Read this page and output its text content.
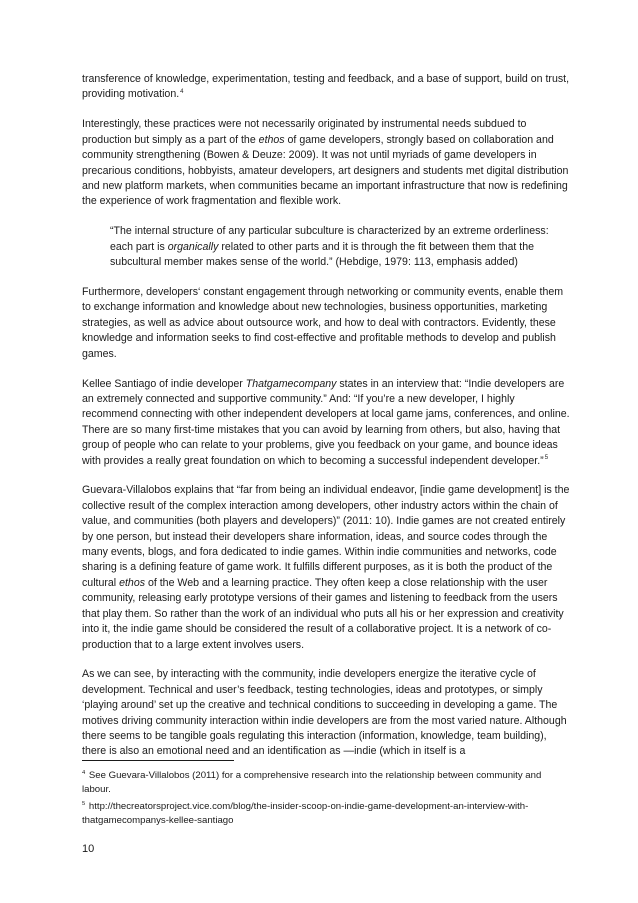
transference of knowledge, experimentation, testing and feedback, and a base of support, build on trust, providing motivation.$^4$

Interestingly, these practices were not necessarily originated by instrumental needs subdued to production but simply as a part of the ethos of game developers, strongly based on collaboration and community strengthening (Bowen & Deuze: 2009). It was not until myriads of game developers in precarious conditions, hobbyists, amateur developers, art designers and students met digital distribution and new platform markets, when communities became an important infrastructure that now is redefining the experience of work fragmentation and flexible work.

“The internal structure of any particular subculture is characterized by an extreme orderliness: each part is organically related to other parts and it is through the fit between them that the subcultural member makes sense of the world.” (Hebdige, 1979: 113, emphasis added)

Furthermore, developers‘ constant engagement through networking or community events, enable them to exchange information and knowledge about new technologies, business opportunities, marketing strategies, as well as advice about outsource work, and how to deal with contractors. Evidently, these knowledge and information seeks to find cost-effective and profitable methods to develop and publish games.

Kellee Santiago of indie developer Thatgamecompany states in an interview that: “Indie developers are an extremely connected and supportive community.” And: “If you’re a new developer, I highly recommend connecting with other independent developers at local game jams, conferences, and online. There are so many first-time mistakes that you can avoid by learning from others, but also, having that group of people who can relate to your problems, give you feedback on your game, and bounce ideas with provides a really great foundation on which to becoming a successful independent developer.”$^5$

Guevara-Villalobos explains that “far from being an individual endeavor, [indie game development] is the collective result of the complex interaction among developers, other industry actors within the chain of value, and communities (both players and developers)” (2011: 10). Indie games are not created entirely by one person, but instead their developers share information, ideas, and source codes through the many events, blogs, and fora dedicated to indie games. Within indie communities and networks, code sharing is a defining feature of game work. It fulfills different purposes, as it is both the product of the cultural ethos of the Web and a learning practice. They often keep a close relationship with the user community, releasing early prototype versions of their games and listening to feedback from the users that play them. So rather than the work of an individual who puts all his or her expression and creativity into it, the indie game should be considered the result of a collaborative project. It is a network of co-production that to a large extent involves users.

As we can see, by interacting with the community, indie developers energize the iterative cycle of development. Technical and user’s feedback, testing technologies, ideas and prototypes, or simply ‘playing around’ set up the creative and technical conditions to succeeding in developing a game. The motives driving community interaction within indie developers are from the most varied nature. Although there seems to be tangible goals regulating this interaction (information, knowledge, team building), there is also an emotional need and an identification as —indie (which in itself is a

$^4$ See Guevara-Villalobos (2011) for a comprehensive research into the relationship between community and labour.

$^5$ http://thecreatorsproject.vice.com/blog/the-insider-scoop-on-indie-game-development-an-interview-with-thatgamecompanys-kellee-santiago

10
